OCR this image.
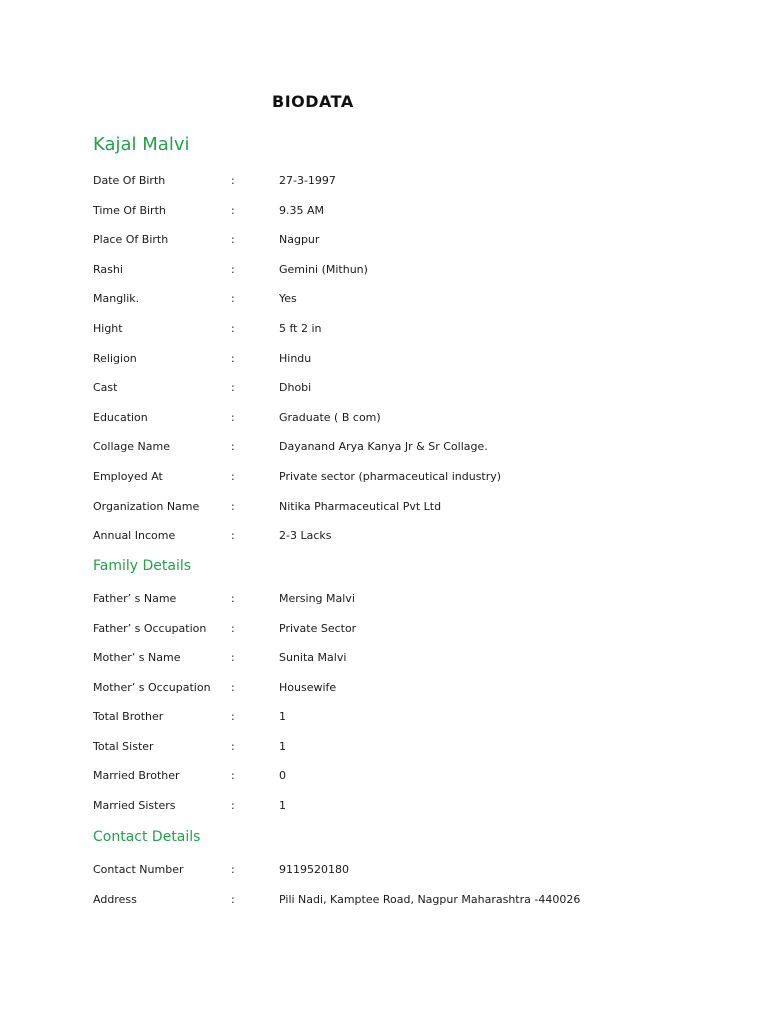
BIODATA
Kajal Malvi
Date Of Birth	:	27-3-1997
Time Of Birth	:	9.35 AM
Place Of Birth	:	Nagpur
Rashi	:	Gemini (Mithun)
Manglik.	:	Yes
Hight	:	5 ft 2 in
Religion	:	Hindu
Cast	:	Dhobi
Education	:	Graduate ( B com)
Collage Name	:	Dayanand Arya Kanya Jr & Sr Collage.
Employed At	:	Private sector (pharmaceutical industry)
Organization Name	:	Nitika Pharmaceutical Pvt Ltd
Annual Income	:	2-3 Lacks
Family Details
Father’ s Name	:	Mersing Malvi
Father’ s Occupation :	Private Sector
Mother’ s Name	:	Sunita Malvi
Mother’ s Occupation :	Housewife
Total Brother	:	1
Total Sister	:	1
Married Brother	:	0
Married Sisters	:	1
Contact Details
Contact Number	:	9119520180
Address	:	Pili Nadi, Kamptee Road, Nagpur Maharashtra -440026
